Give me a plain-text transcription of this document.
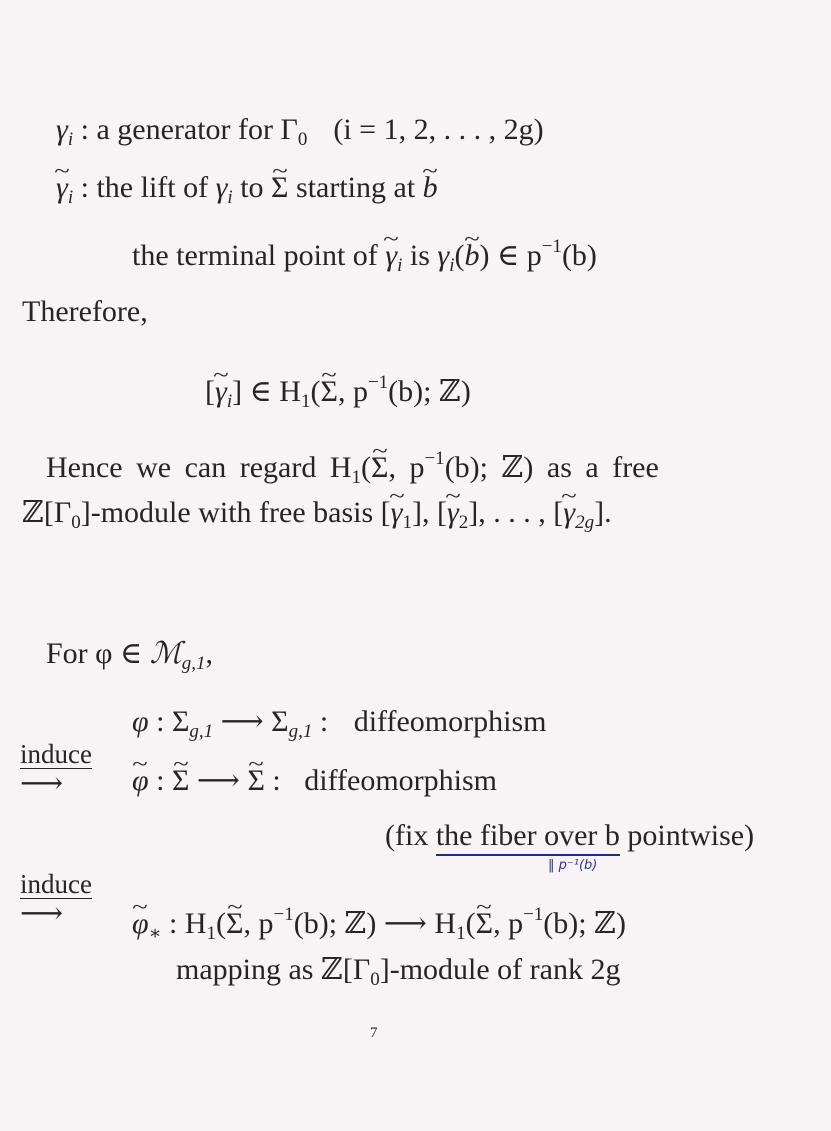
$\gamma_i$ : a generator for $\Gamma_0$ (i = 1, 2, . . . , 2g)
~ $\gamma_i$ : the lift of $\gamma_i$ to ~ Σ starting at ~ b
the terminal point of ~ $\gamma_i$ is $\gamma_i(\sim$ b) ∈ $p^{-1}(b)$
Therefore,
[~ $\gamma_i$] ∈ $H_1(\sim$ Σ, $p^{-1}(b)$; ℤ)
Hence we can regard $H_1(\sim$ Σ, $p^{-1}(b)$; ℤ) as a free
$ℤ[\Gamma_0]$-module with free basis [~ $\gamma_1$], [~ $\gamma_2$], . . . , [~ $\gamma_{2g}$].
For φ ∈ ℳ$_{g,1}$,
φ : $\Sigma_{g,1}$ ⟶ $\Sigma_{g,1}$ : diffeomorphism
induce
⟶ ~ φ : ~ Σ ⟶ ~ Σ : diffeomorphism
(fix the fiber over b pointwise)
‖ p⁻¹(b)
induce
⟶ ~ $\varphi_∗$ : $H_1(\sim$ Σ, $p^{-1}(b)$; ℤ) ⟶ $H_1(\sim$ Σ, $p^{-1}(b)$; ℤ)
mapping as $ℤ[\Gamma_0]$-module of rank 2g
7
